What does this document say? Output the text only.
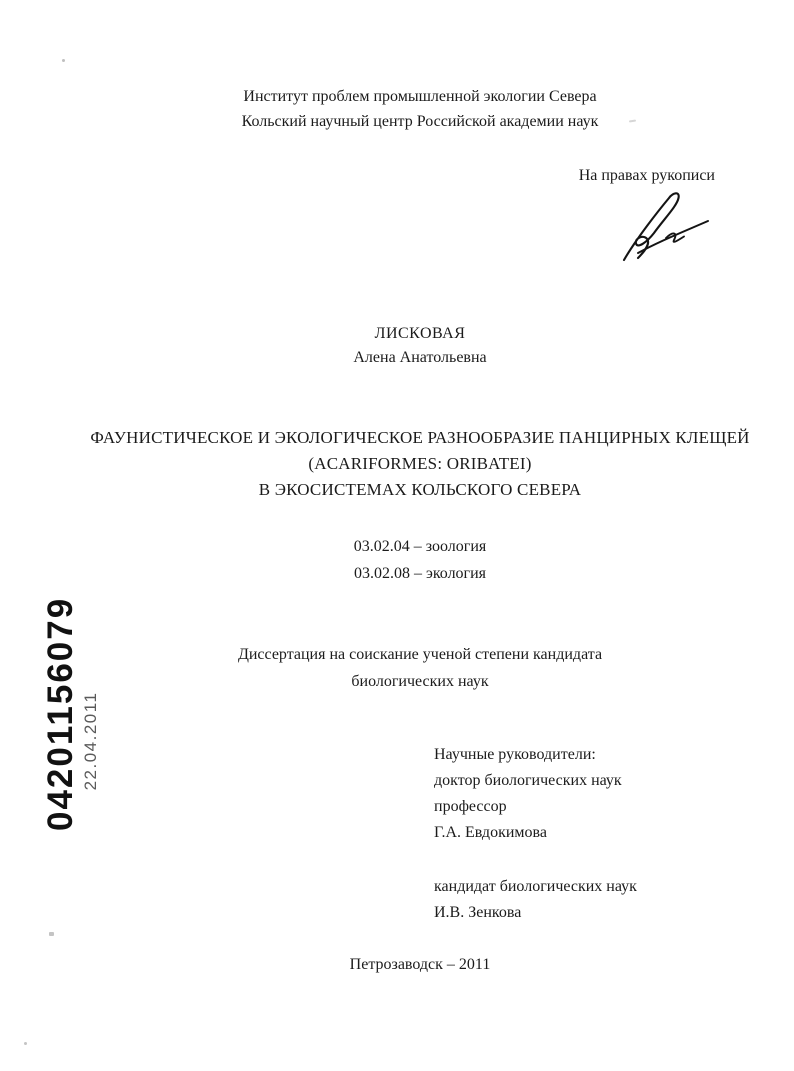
Институт проблем промышленной экологии Севера
Кольский научный центр Российской академии наук
На правах рукописи
ЛИСКОВАЯ
Алена Анатольевна
ФАУНИСТИЧЕСКОЕ И ЭКОЛОГИЧЕСКОЕ РАЗНООБРАЗИЕ ПАНЦИРНЫХ КЛЕЩЕЙ
(ACARIFORMES: ORIBATEI)
В ЭКОСИСТЕМАХ КОЛЬСКОГО СЕВЕРА
03.02.04 – зоология
03.02.08 – экология
Диссертация на соискание ученой степени кандидата
биологических наук
Научные руководители:
доктор биологических наук
профессор
Г.А. Евдокимова
кандидат биологических наук
И.В. Зенкова
Петрозаводск – 2011
04201156079 22.04.2011
